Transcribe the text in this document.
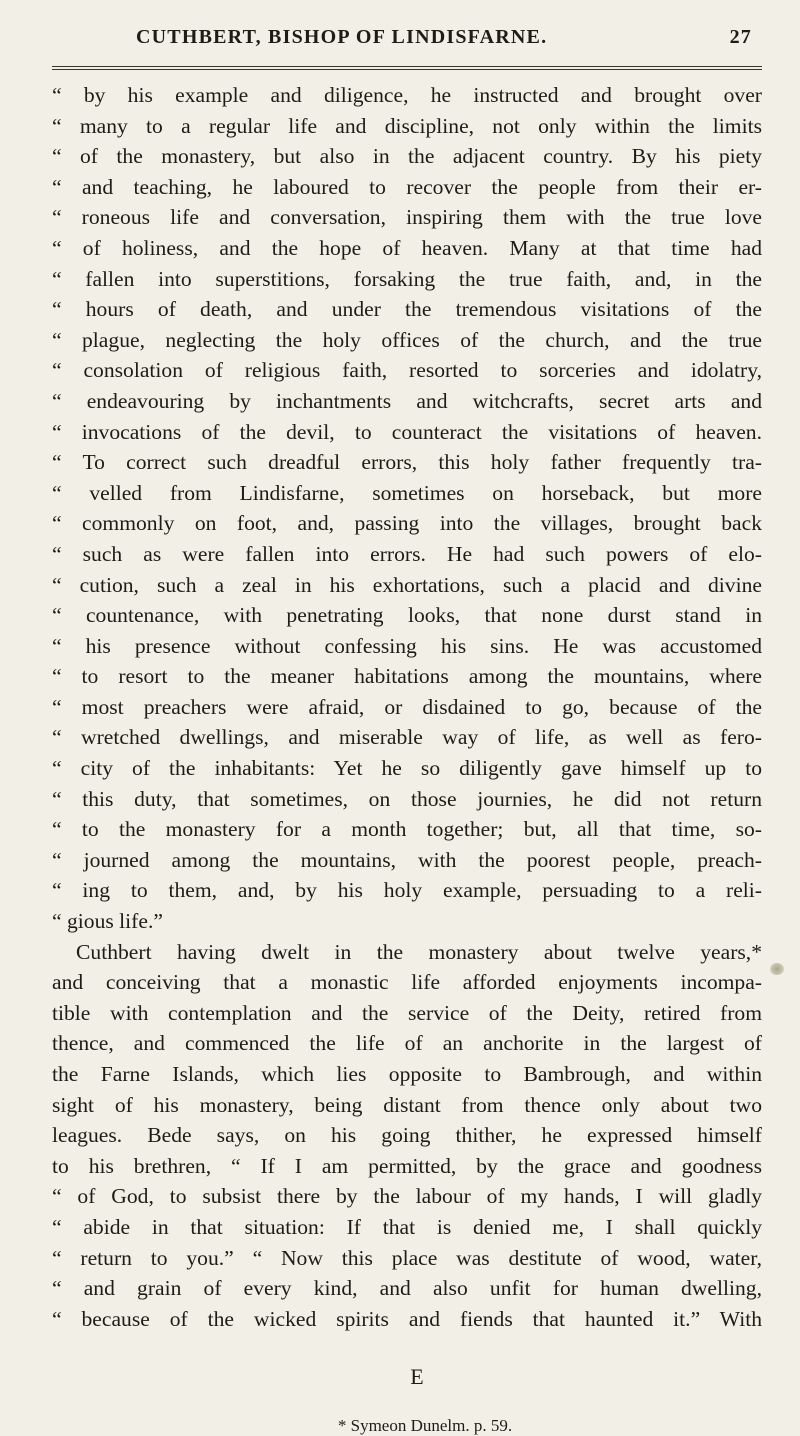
CUTHBERT, BISHOP OF LINDISFARNE.	27
“ by his example and diligence, he instructed and brought over
“ many to a regular life and discipline, not only within the limits
“ of the monastery, but also in the adjacent country. By his piety
“ and teaching, he laboured to recover the people from their er-
“ roneous life and conversation, inspiring them with the true love
“ of holiness, and the hope of heaven. Many at that time had
“ fallen into superstitions, forsaking the true faith, and, in the
“ hours of death, and under the tremendous visitations of the
“ plague, neglecting the holy offices of the church, and the true
“ consolation of religious faith, resorted to sorceries and idolatry,
“ endeavouring by inchantments and witchcrafts, secret arts and
“ invocations of the devil, to counteract the visitations of heaven.
“ To correct such dreadful errors, this holy father frequently tra-
“ velled from Lindisfarne, sometimes on horseback, but more
“ commonly on foot, and, passing into the villages, brought back
“ such as were fallen into errors. He had such powers of elo-
“ cution, such a zeal in his exhortations, such a placid and divine
“ countenance, with penetrating looks, that none durst stand in
“ his presence without confessing his sins. He was accustomed
“ to resort to the meaner habitations among the mountains, where
“ most preachers were afraid, or disdained to go, because of the
“ wretched dwellings, and miserable way of life, as well as fero-
“ city of the inhabitants: Yet he so diligently gave himself up to
“ this duty, that sometimes, on those journies, he did not return
“ to the monastery for a month together; but, all that time, so-
“ journed among the mountains, with the poorest people, preach-
“ ing to them, and, by his holy example, persuading to a reli-
“ gious life.”
Cuthbert having dwelt in the monastery about twelve years,*
and conceiving that a monastic life afforded enjoyments incompa-
tible with contemplation and the service of the Deity, retired from
thence, and commenced the life of an anchorite in the largest of
the Farne Islands, which lies opposite to Bambrough, and within
sight of his monastery, being distant from thence only about two
leagues. Bede says, on his going thither, he expressed himself
to his brethren, “ If I am permitted, by the grace and goodness
“ of God, to subsist there by the labour of my hands, I will gladly
“ abide in that situation: If that is denied me, I shall quickly
“ return to you.” “ Now this place was destitute of wood, water,
“ and grain of every kind, and also unfit for human dwelling,
“ because of the wicked spirits and fiends that haunted it.” With
E
* Symeon Dunelm. p. 59.
